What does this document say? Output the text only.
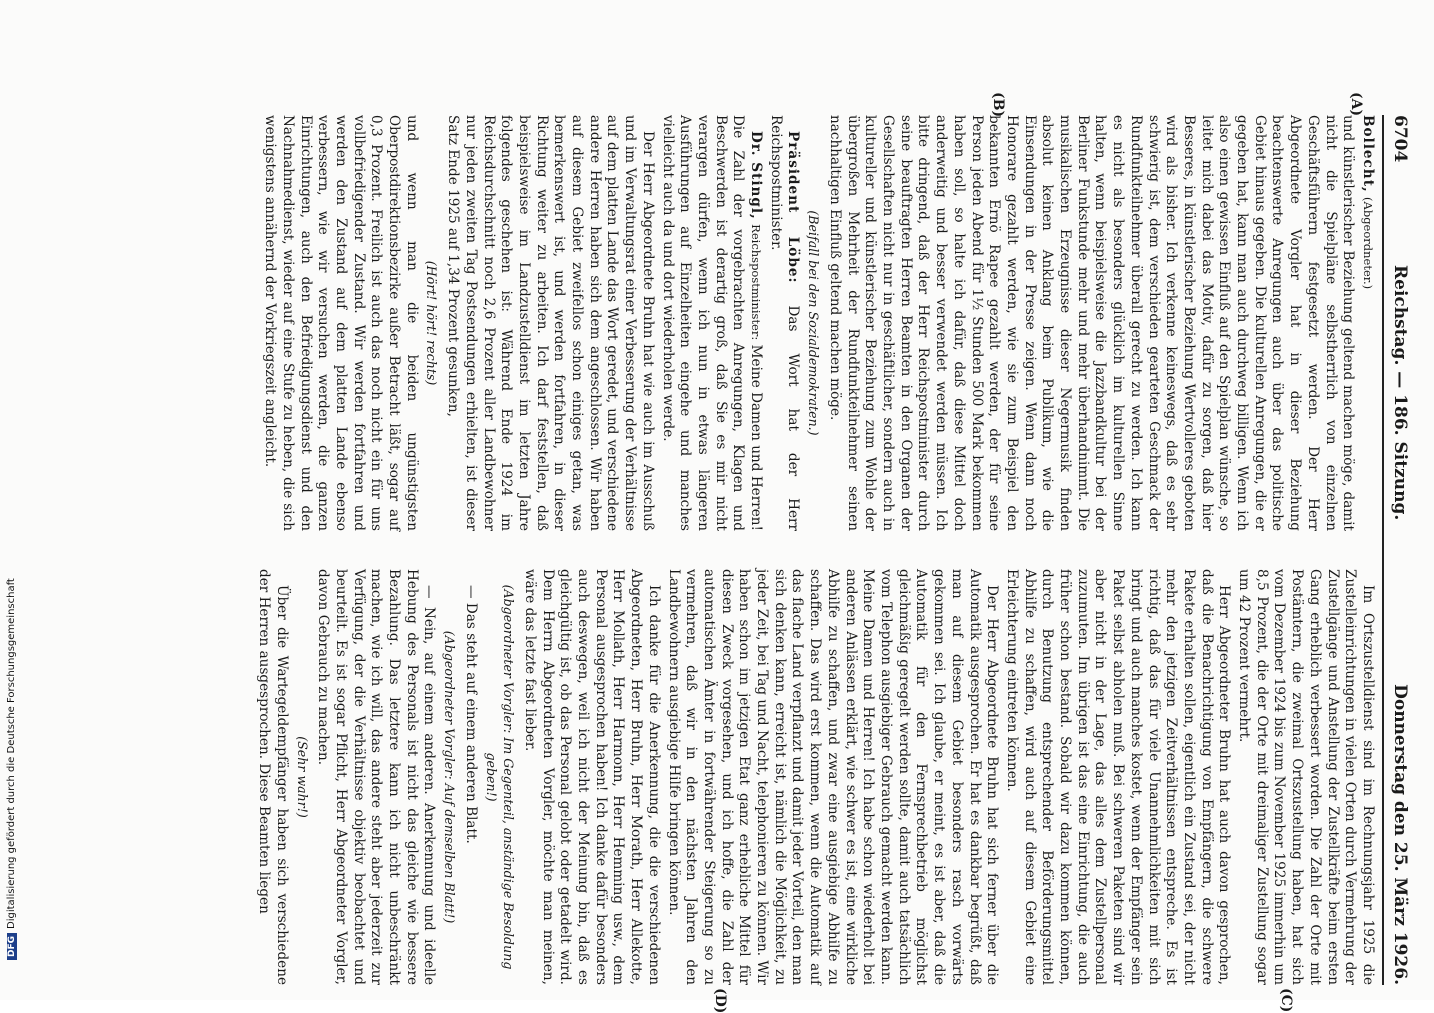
6704
Reichstag. — 186. Sitzung.
Donnerstag den 25. März 1926.
(A)
(B)
(C)
(D)

Bollecht, (Abgeordneter.)

und künstlerischer Beziehung geltend machen möge, damit nicht die Spielpläne selbstherrlich von einzelnen Geschäftsführern festgesetzt werden. Der Herr Abgeordnete Vorgler hat in dieser Beziehung beachtenswerte Anregungen auch über das politische Gebiet hinaus gegeben. Die kulturellen Anregungen, die er gegeben hat, kann man auch durchweg billigen. Wenn ich also einen gewissen Einfluß auf den Spielplan wünsche, so leitet mich dabei das Motiv, dafür zu sorgen, daß hier Besseres, in künstlerischer Beziehung Wertvolleres geboten wird als bisher. Ich verkenne keineswegs, daß es sehr schwierig ist, dem verschieden gearteten Geschmack der Rundfunkteilnehmer überall gerecht zu werden. Ich kann es nicht als besonders glücklich im kulturellen Sinne halten, wenn beispielsweise die Jazzbandkultur bei der Berliner Funkstunde mehr und mehr überhandnimmt. Die musikalischen Erzeugnisse dieser Negermusik finden absolut keinen Anklang beim Publikum, wie die Einsendungen in der Presse zeigen. Wenn dann noch Honorare gezahlt werden, wie sie zum Beispiel den bekannten Ernö Rapee gezahlt werden, der für seine Person jeden Abend für 1½ Stunden 500 Mark bekommen haben soll, so halte ich dafür, daß diese Mittel doch anderweitig und besser verwendet werden müssen. Ich bitte dringend, daß der Herr Reichspostminister durch seine beauftragten Herren Beamten in den Organen der Gesellschaften nicht nur in geschäftlicher, sondern auch in kultureller und künstlerischer Beziehung zum Wohle der übergroßen Mehrheit der Rundfunkteilnehmer seinen nachhaltigen Einfluß geltend machen möge.

(Beifall bei den Sozialdemokraten.)

Präsident Löbe: Das Wort hat der Herr Reichspostminister.

Dr. Stingl, Reichspostminister: Meine Damen und Herren! Die Zahl der vorgebrachten Anregungen, Klagen und Beschwerden ist derartig groß, daß Sie es mir nicht verargen dürfen, wenn ich nun in etwas längeren Ausführungen auf Einzelheiten eingehe und manches vielleicht auch da und dort wiederholen werde.

Der Herr Abgeordnete Bruhn hat wie auch im Ausschuß und im Verwaltungsrat einer Verbesserung der Verhältnisse auf dem platten Lande das Wort geredet, und verschiedene andere Herren haben sich dem angeschlossen. Wir haben auf diesem Gebiet zweifellos schon einiges getan, was bemerkenswert ist, und werden fortfahren, in dieser Richtung weiter zu arbeiten. Ich darf feststellen, daß beispielsweise im Landzustelldienst im letzten Jahre folgendes geschehen ist: Während Ende 1924 im Reichsdurchschnitt noch 2,6 Prozent aller Landbewohner nur jeden zweiten Tag Postsendungen erhielten, ist dieser Satz Ende 1925 auf 1,34 Prozent gesunken,

(Hört! hört! rechts)

und wenn man die beiden ungünstigsten Oberpostdirektionsbezirke außer Betracht läßt, sogar auf 0,3 Prozent. Freilich ist auch das noch nicht ein für uns vollbefriedigender Zustand. Wir werden fortfahren und werden den Zustand auf dem platten Lande ebenso verbessern, wie wir versuchen werden, die ganzen Einrichtungen, auch den Befriedigungsdienst und den Nachnahmedienst, wieder auf eine Stufe zu heben, die sich wenigstens annähernd der Vorkriegszeit angleicht.

Im Ortszustelldienst sind im Rechnungsjahr 1925 die Zustelleinrichtungen in vielen Orten durch Vermehrung der Zustellgänge und Anstellung der Zustellkräfte beim ersten Gang erheblich verbessert worden. Die Zahl der Orte mit Postämtern, die zweimal Ortszustellung haben, hat sich vom Dezember 1924 bis zum November 1925 immerhin um 8,5 Prozent, die der Orte mit dreimaliger Zustellung sogar um 42 Prozent vermehrt.

Herr Abgeordneter Bruhn hat auch davon gesprochen, daß die Benachrichtigung von Empfängern, die schwere Pakete erhalten sollen, eigentlich ein Zustand sei, der nicht mehr den jetzigen Zeitverhältnissen entspreche. Es ist richtig, daß das für viele Unannehmlichkeiten mit sich bringt und auch manches kostet, wenn der Empfänger sein Paket selbst abholen muß. Bei schweren Paketen sind wir aber nicht in der Lage, das alles dem Zustellpersonal zuzumuten. Im übrigen ist das eine Einrichtung, die auch früher schon bestand. Sobald wir dazu kommen können, durch Benutzung entsprechender Beförderungsmittel Abhilfe zu schaffen, wird auch auf diesem Gebiet eine Erleichterung eintreten können.

Der Herr Abgeordnete Bruhn hat sich ferner über die Automatik ausgesprochen. Er hat es dankbar begrüßt, daß man auf diesem Gebiet besonders rasch vorwärts gekommen sei. Ich glaube, er meint, es ist aber, daß die Automatik für den Fernsprechbetrieb möglichst gleichmäßig geregelt werden sollte, damit auch tatsächlich vom Telephon ausgiebiger Gebrauch gemacht werden kann. Meine Damen und Herren! Ich habe schon wiederholt bei anderen Anlässen erklärt, wie schwer es ist, eine wirkliche Abhilfe zu schaffen, und zwar eine ausgiebige Abhilfe zu schaffen. Das wird erst kommen, wenn die Automatik auf das flache Land verpflanzt und damit jeder Vorteil, den man sich denken kann, erreicht ist, nämlich die Möglichkeit, zu jeder Zeit, bei Tag und Nacht, telephonieren zu können. Wir haben schon im jetzigen Etat ganz erhebliche Mittel für diesen Zweck vorgesehen, und ich hoffe, die Zahl der automatischen Ämter in fortwährender Steigerung so zu vermehren, daß wir in den nächsten Jahren den Landbewohnern ausgiebige Hilfe bringen können.

Ich danke für die Anerkennung, die die verschiedenen Abgeordneten, Herr Bruhn, Herr Morath, Herr Allekotte, Herr Mollath, Herr Harmonn, Herr Hemming usw., dem Personal ausgesprochen haben! Ich danke dafür besonders auch deswegen, weil ich nicht der Meinung bin, daß es gleichgültig ist, ob das Personal gelobt oder getadelt wird. Dem Herrn Abgeordneten Vorgler, möchte man meinen, wäre das letzte fast lieber.

(Abgeordneter Vorgler: Im Gegenteil, anständige Besoldung geben!)

— Das steht auf einem anderen Blatt.

(Abgeordneter Vorgler: Auf demselben Blatt!)

— Nein, auf einem anderen. Anerkennung und ideelle Hebung des Personals ist nicht das gleiche wie bessere Bezahlung. Das letztere kann ich nicht unbeschränkt machen, wie ich will, das andere steht aber jederzeit zur Verfügung, der die Verhältnisse objektiv beobachtet und beurteilt. Es ist sogar Pflicht, Herr Abgeordneter Vorgler, davon Gebrauch zu machen.

(Sehr wahr!)

Über die Wartegeldempfänger haben sich verschiedene der Herren ausgesprochen. Diese Beamten liegen

DFGDigitalisierung gefördert durch die Deutsche Forschungsgemeinschaft
